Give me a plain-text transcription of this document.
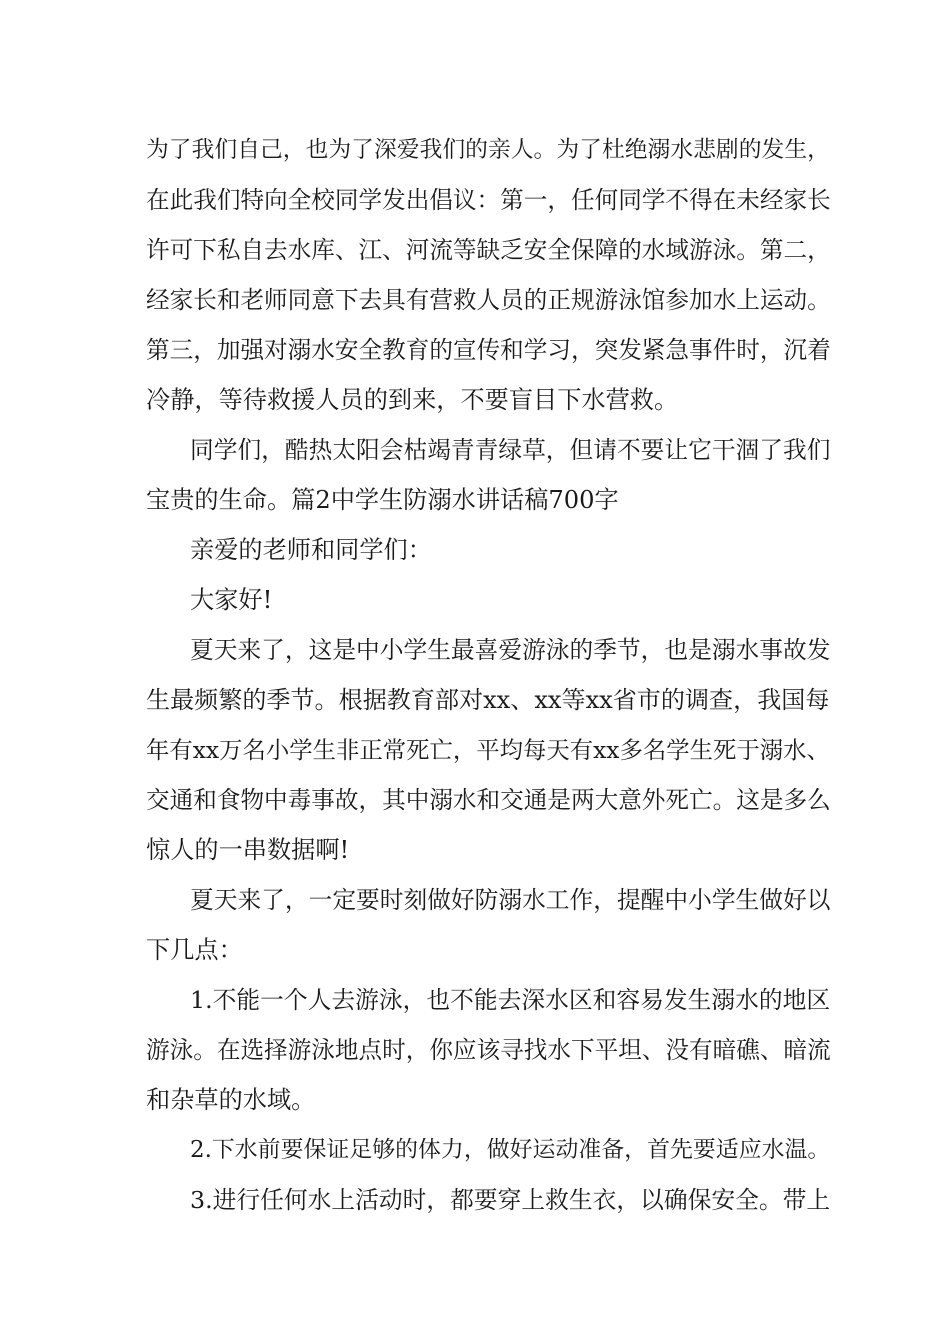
为了我们自己，也为了深爱我们的亲人。为了杜绝溺水悲剧的发生，
在此我们特向全校同学发出倡议：第一，任何同学不得在未经家长
许可下私自去水库、江、河流等缺乏安全保障的水域游泳。第二，
经家长和老师同意下去具有营救人员的正规游泳馆参加水上运动。
第三，加强对溺水安全教育的宣传和学习，突发紧急事件时，沉着
冷静，等待救援人员的到来，不要盲目下水营救。
同学们，酷热太阳会枯竭青青绿草，但请不要让它干涸了我们
宝贵的生命。篇2中学生防溺水讲话稿700字
亲爱的老师和同学们：
大家好!
夏天来了，这是中小学生最喜爱游泳的季节，也是溺水事故发
生最频繁的季节。根据教育部对xx、xx等xx省市的调查，我国每
年有xx万名小学生非正常死亡，平均每天有xx多名学生死于溺水、
交通和食物中毒事故，其中溺水和交通是两大意外死亡。这是多么
惊人的一串数据啊!
夏天来了，一定要时刻做好防溺水工作，提醒中小学生做好以
下几点：
1.不能一个人去游泳，也不能去深水区和容易发生溺水的地区
游泳。在选择游泳地点时，你应该寻找水下平坦、没有暗礁、暗流
和杂草的水域。
2.下水前要保证足够的体力，做好运动准备，首先要适应水温。
3.进行任何水上活动时，都要穿上救生衣，以确保安全。带上
